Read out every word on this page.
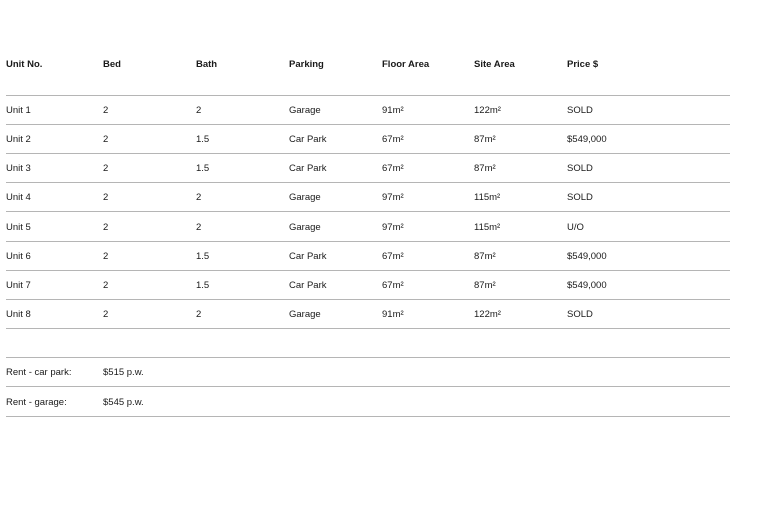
Unit No.	Bed	Bath	Parking	Floor Area	Site Area	Price $
Unit 1	2	2	Garage	91m²	122m²	SOLD
Unit 2	2	1.5	Car Park	67m²	87m²	$549,000
Unit 3	2	1.5	Car Park	67m²	87m²	SOLD
Unit 4	2	2	Garage	97m²	115m²	SOLD
Unit 5	2	2	Garage	97m²	115m²	U/O
Unit 6	2	1.5	Car Park	67m²	87m²	$549,000
Unit 7	2	1.5	Car Park	67m²	87m²	$549,000
Unit 8	2	2	Garage	91m²	122m²	SOLD
Rent - car park:	$515 p.w.
Rent - garage:	$545 p.w.
